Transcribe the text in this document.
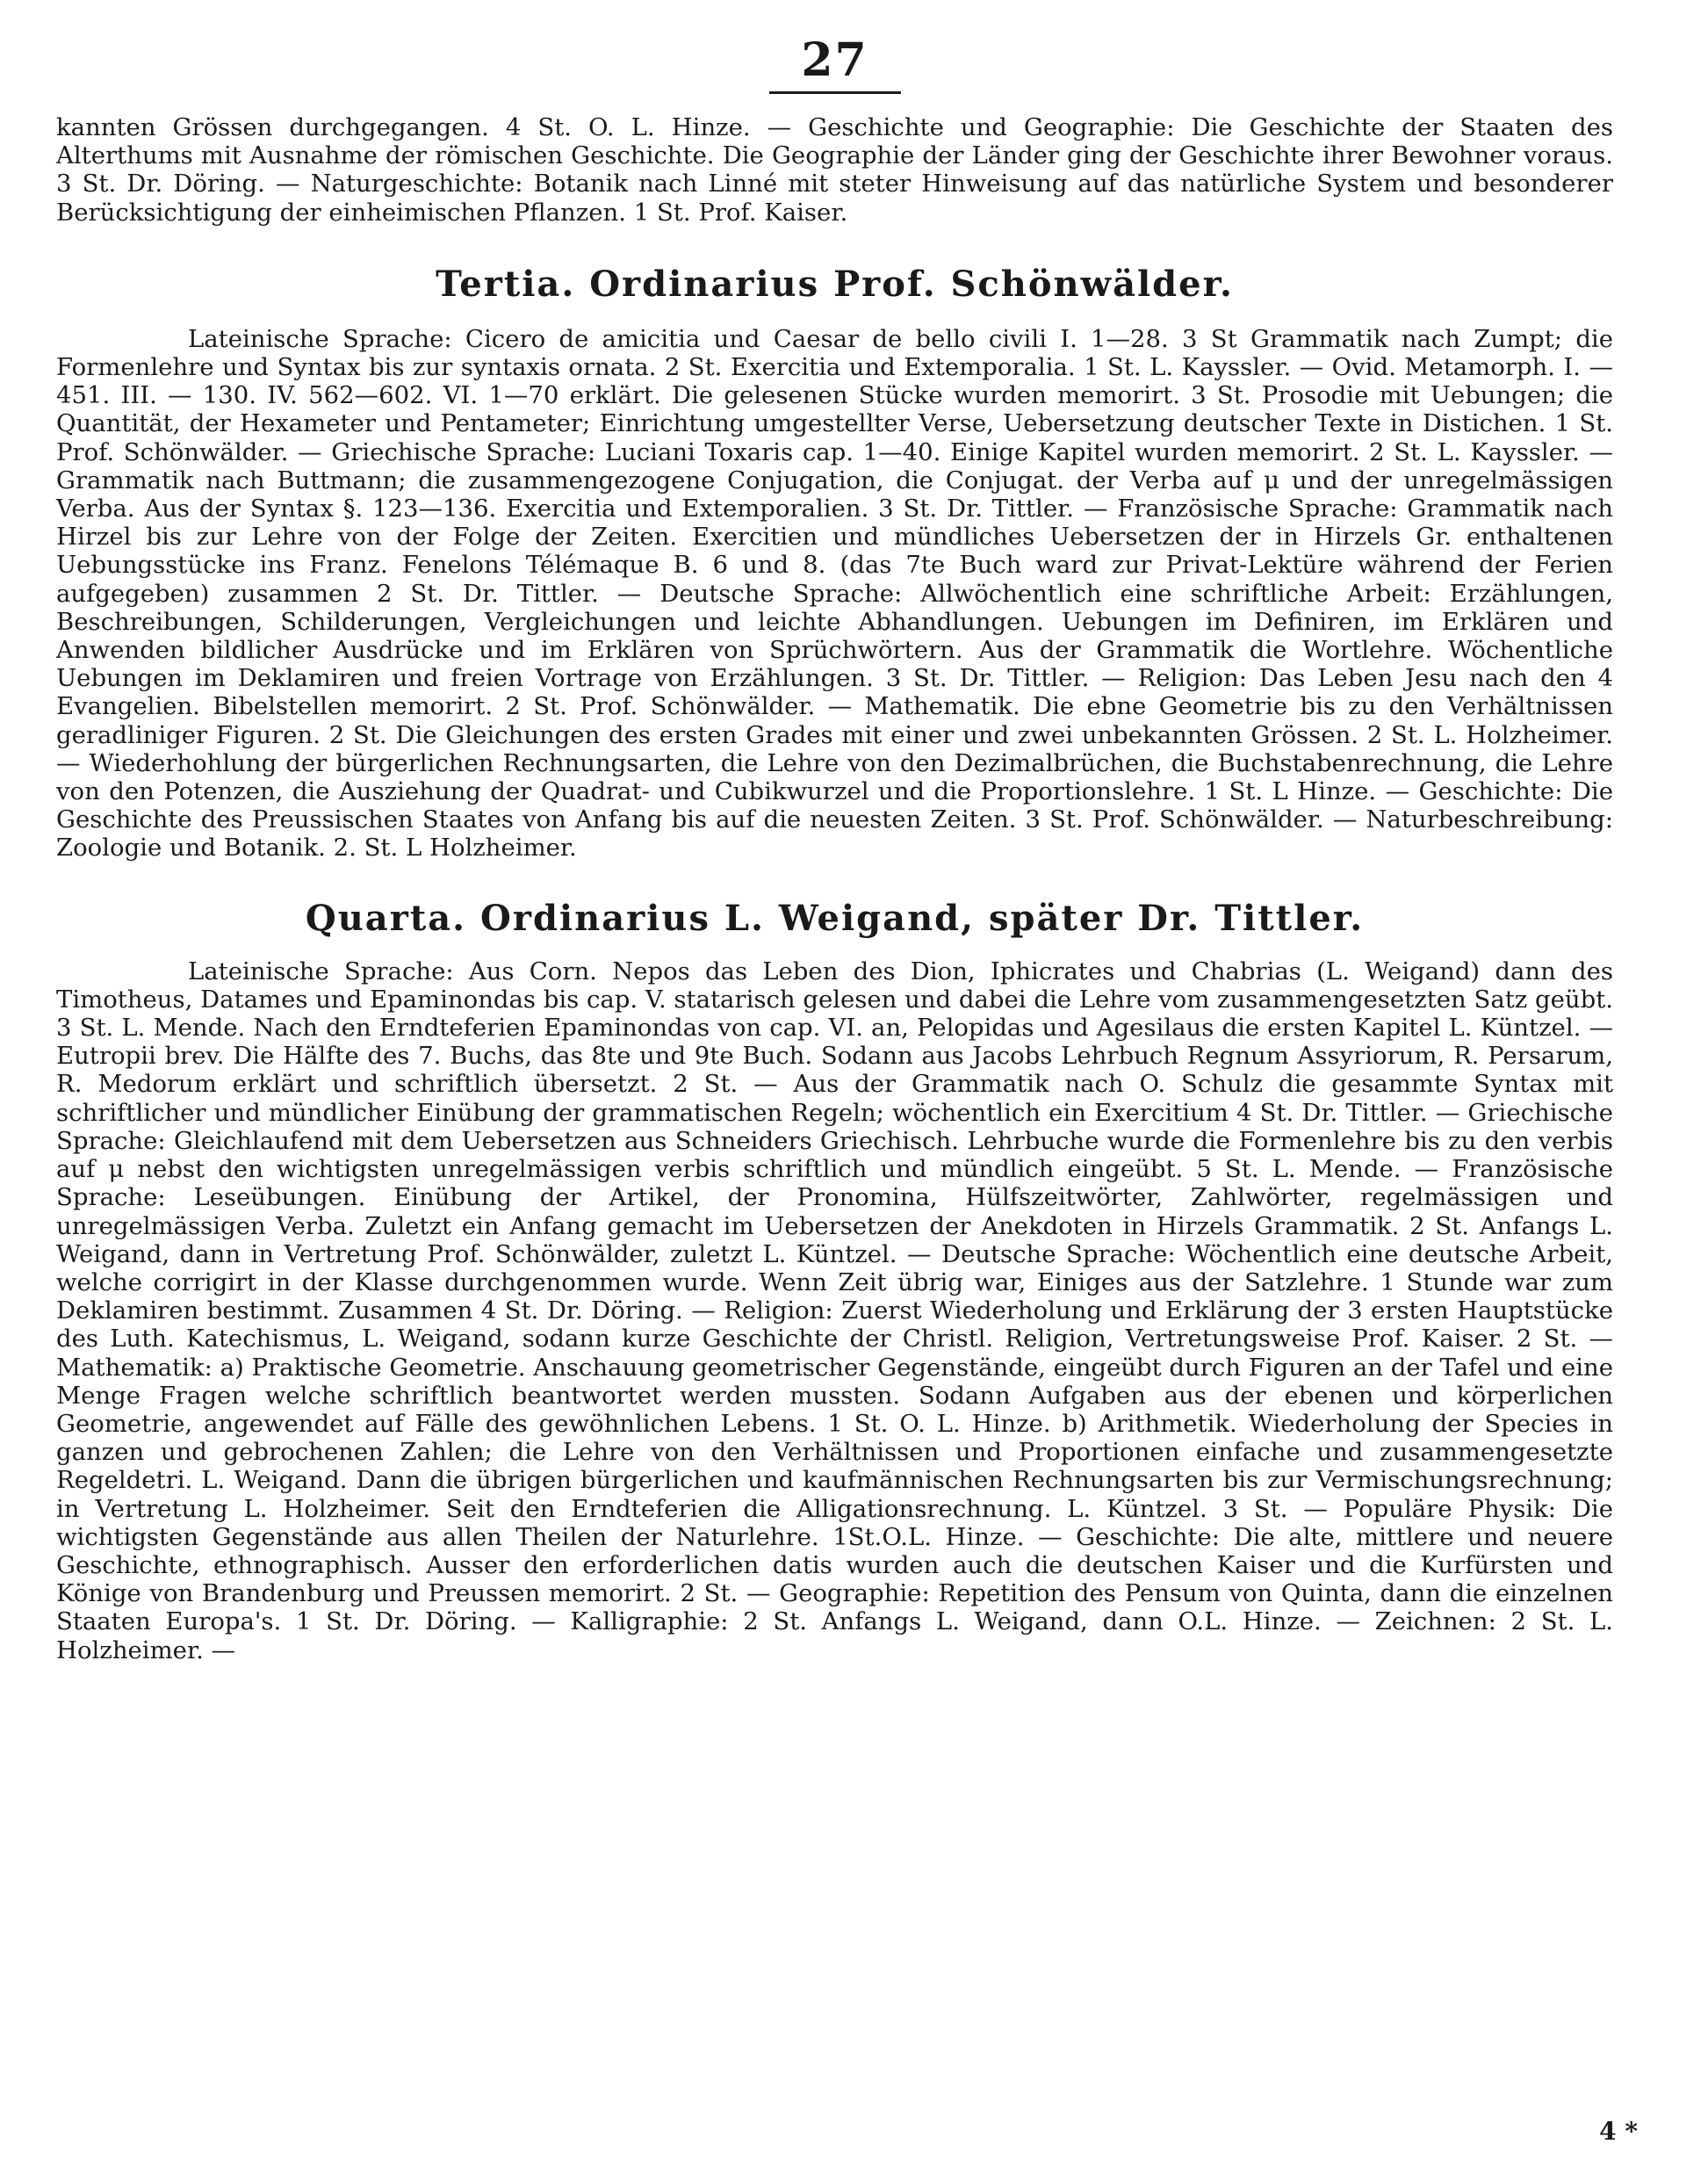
27

kannten Grössen durchgegangen. 4 St. O. L. Hinze. — Geschichte und Geographie: Die Geschichte der Staaten des Alterthums mit Ausnahme der römischen Geschichte. Die Geographie der Länder ging der Geschichte ihrer Bewohner voraus. 3 St. Dr. Döring. — Naturgeschichte: Botanik nach Linné mit steter Hinweisung auf das natürliche System und besonderer Berücksichtigung der einheimischen Pflanzen. 1 St. Prof. Kaiser.

Tertia. Ordinarius Prof. Schönwälder.

Lateinische Sprache: Cicero de amicitia und Caesar de bello civili I. 1—28. 3 St Grammatik nach Zumpt; die Formenlehre und Syntax bis zur syntaxis ornata. 2 St. Exercitia und Extemporalia. 1 St. L. Kayssler. — Ovid. Metamorph. I. — 451. III. — 130. IV. 562—602. VI. 1—70 erklärt. Die gelesenen Stücke wurden memorirt. 3 St. Prosodie mit Uebungen; die Quantität, der Hexameter und Pentameter; Einrichtung umgestellter Verse, Uebersetzung deutscher Texte in Distichen. 1 St. Prof. Schönwälder. — Griechische Sprache: Luciani Toxaris cap. 1—40. Einige Kapitel wurden memorirt. 2 St. L. Kayssler. — Grammatik nach Buttmann; die zusammengezogene Conjugation, die Conjugat. der Verba auf μ und der unregelmässigen Verba. Aus der Syntax §. 123—136. Exercitia und Extemporalien. 3 St. Dr. Tittler. — Französische Sprache: Grammatik nach Hirzel bis zur Lehre von der Folge der Zeiten. Exercitien und mündliches Uebersetzen der in Hirzels Gr. enthaltenen Uebungsstücke ins Franz. Fenelons Télémaque B. 6 und 8. (das 7te Buch ward zur Privat-Lektüre während der Ferien aufgegeben) zusammen 2 St. Dr. Tittler. — Deutsche Sprache: Allwöchentlich eine schriftliche Arbeit: Erzählungen, Beschreibungen, Schilderungen, Vergleichungen und leichte Abhandlungen. Uebungen im Definiren, im Erklären und Anwenden bildlicher Ausdrücke und im Erklären von Sprüchwörtern. Aus der Grammatik die Wortlehre. Wöchentliche Uebungen im Deklamiren und freien Vortrage von Erzählungen. 3 St. Dr. Tittler. — Religion: Das Leben Jesu nach den 4 Evangelien. Bibelstellen memorirt. 2 St. Prof. Schönwälder. — Mathematik. Die ebne Geometrie bis zu den Verhältnissen geradliniger Figuren. 2 St. Die Gleichungen des ersten Grades mit einer und zwei unbekannten Grössen. 2 St. L. Holzheimer. — Wiederhohlung der bürgerlichen Rechnungsarten, die Lehre von den Dezimalbrüchen, die Buchstabenrechnung, die Lehre von den Potenzen, die Ausziehung der Quadrat- und Cubikwurzel und die Proportionslehre. 1 St. L Hinze. — Geschichte: Die Geschichte des Preussischen Staates von Anfang bis auf die neuesten Zeiten. 3 St. Prof. Schönwälder. — Naturbeschreibung: Zoologie und Botanik. 2. St. L Holzheimer.

Quarta. Ordinarius L. Weigand, später Dr. Tittler.

Lateinische Sprache: Aus Corn. Nepos das Leben des Dion, Iphicrates und Chabrias (L. Weigand) dann des Timotheus, Datames und Epaminondas bis cap. V. statarisch gelesen und dabei die Lehre vom zusammengesetzten Satz geübt. 3 St. L. Mende. Nach den Erndteferien Epaminondas von cap. VI. an, Pelopidas und Agesilaus die ersten Kapitel L. Küntzel. — Eutropii brev. Die Hälfte des 7. Buchs, das 8te und 9te Buch. Sodann aus Jacobs Lehrbuch Regnum Assyriorum, R. Persarum, R. Medorum erklärt und schriftlich übersetzt. 2 St. — Aus der Grammatik nach O. Schulz die gesammte Syntax mit schriftlicher und mündlicher Einübung der grammatischen Regeln; wöchentlich ein Exercitium 4 St. Dr. Tittler. — Griechische Sprache: Gleichlaufend mit dem Uebersetzen aus Schneiders Griechisch. Lehrbuche wurde die Formenlehre bis zu den verbis auf μ nebst den wichtigsten unregelmässigen verbis schriftlich und mündlich eingeübt. 5 St. L. Mende. — Französische Sprache: Leseübungen. Einübung der Artikel, der Pronomina, Hülfszeitwörter, Zahlwörter, regelmässigen und unregelmässigen Verba. Zuletzt ein Anfang gemacht im Uebersetzen der Anekdoten in Hirzels Grammatik. 2 St. Anfangs L. Weigand, dann in Vertretung Prof. Schönwälder, zuletzt L. Küntzel. — Deutsche Sprache: Wöchentlich eine deutsche Arbeit, welche corrigirt in der Klasse durchgenommen wurde. Wenn Zeit übrig war, Einiges aus der Satzlehre. 1 Stunde war zum Deklamiren bestimmt. Zusammen 4 St. Dr. Döring. — Religion: Zuerst Wiederholung und Erklärung der 3 ersten Hauptstücke des Luth. Katechismus, L. Weigand, sodann kurze Geschichte der Christl. Religion, Vertretungsweise Prof. Kaiser. 2 St. — Mathematik: a) Praktische Geometrie. Anschauung geometrischer Gegenstände, eingeübt durch Figuren an der Tafel und eine Menge Fragen welche schriftlich beantwortet werden mussten. Sodann Aufgaben aus der ebenen und körperlichen Geometrie, angewendet auf Fälle des gewöhnlichen Lebens. 1 St. O. L. Hinze. b) Arithmetik. Wiederholung der Species in ganzen und gebrochenen Zahlen; die Lehre von den Verhältnissen und Proportionen einfache und zusammengesetzte Regeldetri. L. Weigand. Dann die übrigen bürgerlichen und kaufmännischen Rechnungsarten bis zur Vermischungsrechnung; in Vertretung L. Holzheimer. Seit den Erndteferien die Alligationsrechnung. L. Küntzel. 3 St. — Populäre Physik: Die wichtigsten Gegenstände aus allen Theilen der Naturlehre. 1St.O.L. Hinze. — Geschichte: Die alte, mittlere und neuere Geschichte, ethnographisch. Ausser den erforderlichen datis wurden auch die deutschen Kaiser und die Kurfürsten und Könige von Brandenburg und Preussen memorirt. 2 St. — Geographie: Repetition des Pensum von Quinta, dann die einzelnen Staaten Europa's. 1 St. Dr. Döring. — Kalligraphie: 2 St. Anfangs L. Weigand, dann O.L. Hinze. — Zeichnen: 2 St. L. Holzheimer. —

4 *
